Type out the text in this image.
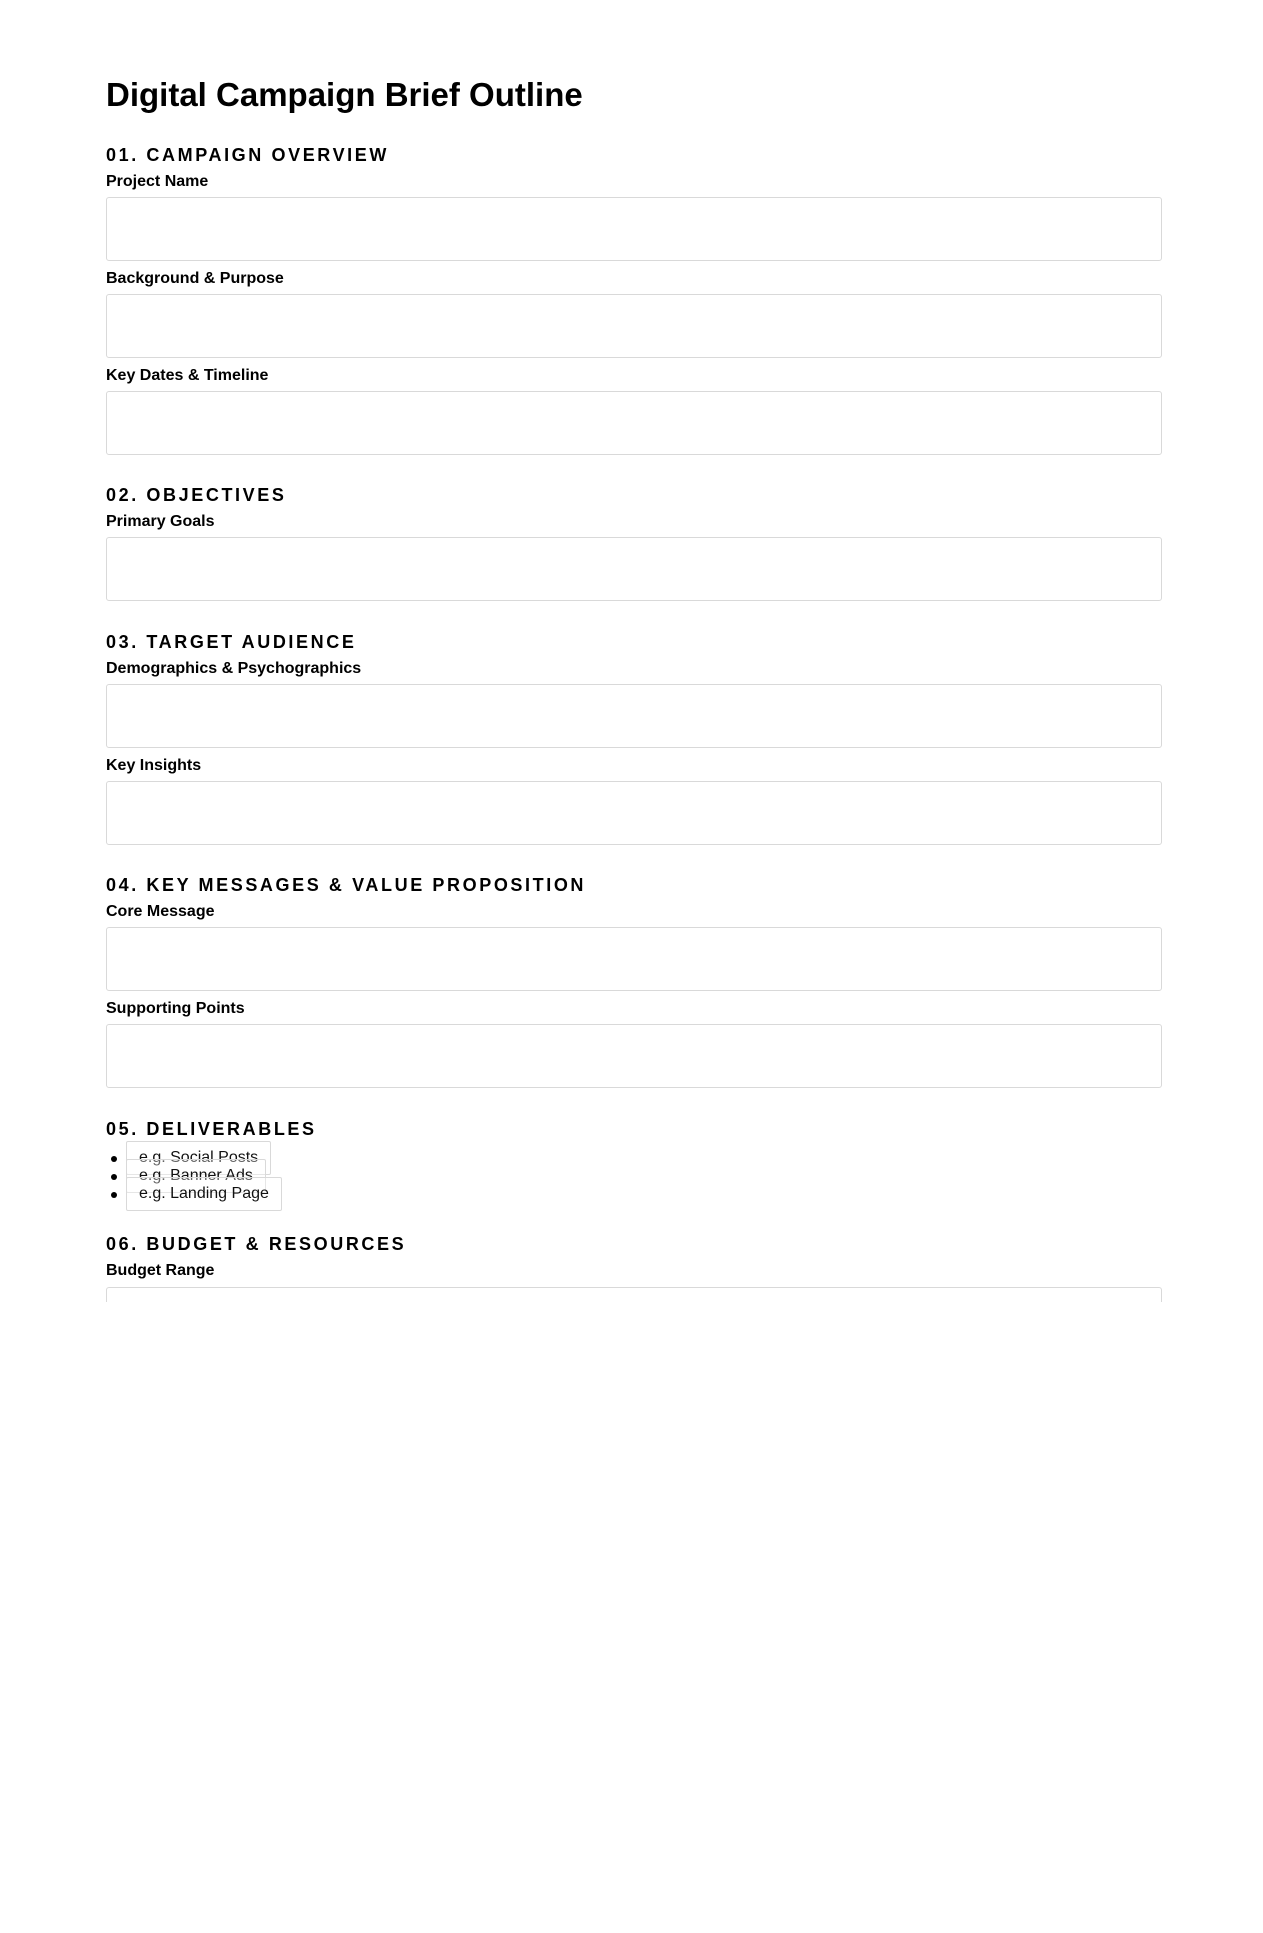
Digital Campaign Brief Outline
01. CAMPAIGN OVERVIEW
Project Name
Background & Purpose
Key Dates & Timeline
02. OBJECTIVES
Primary Goals
03. TARGET AUDIENCE
Demographics & Psychographics
Key Insights
04. KEY MESSAGES & VALUE PROPOSITION
Core Message
Supporting Points
05. DELIVERABLES
e.g. Social Posts
e.g. Banner Ads
e.g. Landing Page
06. BUDGET & RESOURCES
Budget Range
